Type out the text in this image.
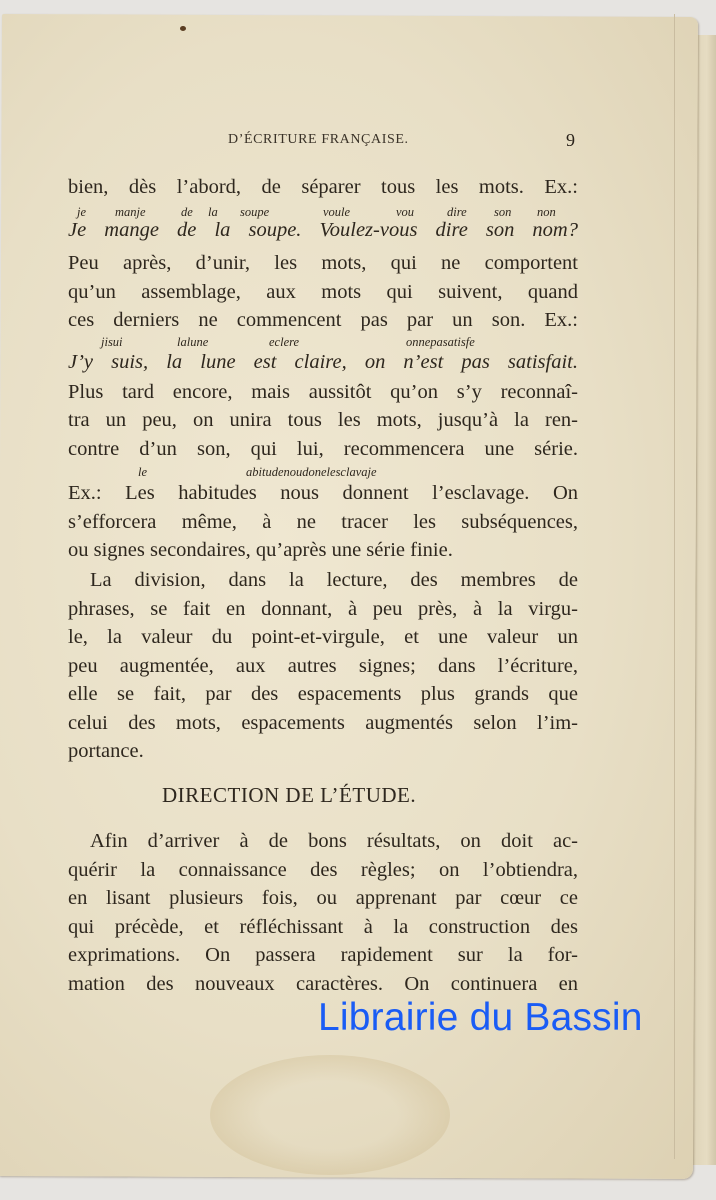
D’ÉCRITURE FRANÇAISE.	9
bien, dès l’abord, de séparer tous les mots. Ex.:
je manje	de la soupe	voule	vou	dire son non
Je mange de la soupe. Voulez-vous dire son nom?
Peu après, d’unir, les mots, qui ne comportent
qu’un assemblage, aux mots qui suivent, quand
ces derniers ne commencent pas par un son. Ex.:
jisui	lalune	eclere	onnepasatisfe
J’y suis, la lune est claire, on n’est pas satisfait.
Plus tard encore, mais aussitôt qu’on s’y reconnaî-
tra un peu, on unira tous les mots, jusqu’à la ren-
contre d’un son, qui lui, recommencera une série.
le	abitudenoudonelesclavaje
Ex.: Les habitudes nous donnent l’esclavage. On
s’efforcera même, à ne tracer les subséquences,
ou signes secondaires, qu’après une série finie.
La division, dans la lecture, des membres de
phrases, se fait en donnant, à peu près, à la virgu-
le, la valeur du point-et-virgule, et une valeur un
peu augmentée, aux autres signes; dans l’écriture,
elle se fait, par des espacements plus grands que
celui des mots, espacements augmentés selon l’im-
portance.
DIRECTION DE L’ÉTUDE.
Afin d’arriver à de bons résultats, on doit ac-
quérir la connaissance des règles; on l’obtiendra,
en lisant plusieurs fois, ou apprenant par cœur ce
qui précède, et réfléchissant à la construction des
exprimations. On passera rapidement sur la for-
mation des nouveaux caractères. On continuera en
Librairie du Bassin
